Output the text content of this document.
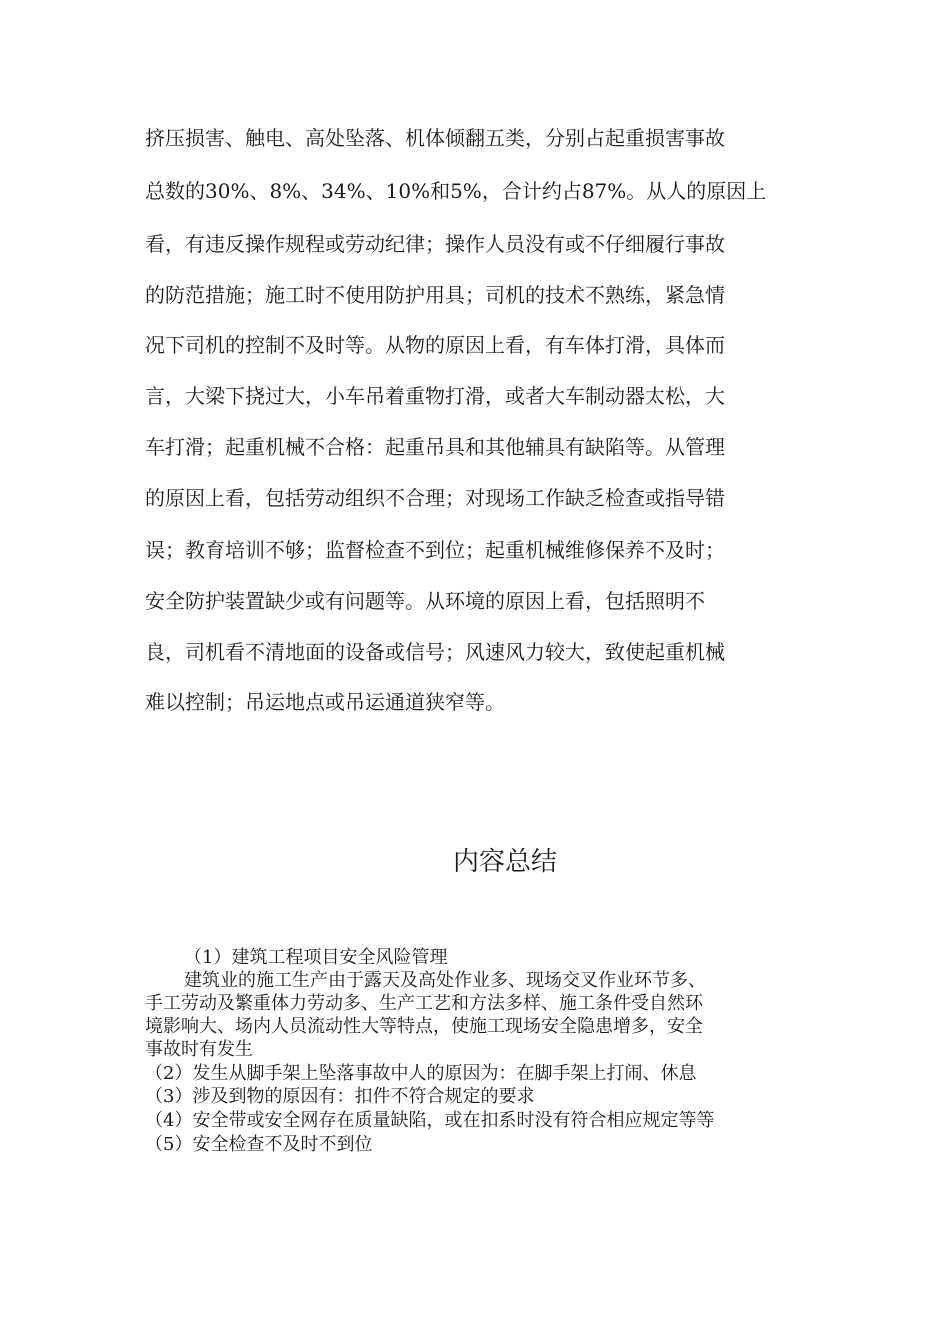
挤压损害、触电、高处坠落、机体倾翻五类，分别占起重损害事故
总数的30%、8%、34%、10%和5%，合计约占87%。从人的原因上
看，有违反操作规程或劳动纪律；操作人员没有或不仔细履行事故
的防范措施；施工时不使用防护用具；司机的技术不熟练，紧急情
况下司机的控制不及时等。从物的原因上看，有车体打滑，具体而
言，大梁下挠过大，小车吊着重物打滑，或者大车制动器太松，大
车打滑；起重机械不合格：起重吊具和其他辅具有缺陷等。从管理
的原因上看，包括劳动组织不合理；对现场工作缺乏检查或指导错
误；教育培训不够；监督检查不到位；起重机械维修保养不及时；
安全防护装置缺少或有问题等。从环境的原因上看，包括照明不
良，司机看不清地面的设备或信号；风速风力较大，致使起重机械
难以控制；吊运地点或吊运通道狭窄等。
内容总结
（1）建筑工程项目安全风险管理
建筑业的施工生产由于露天及高处作业多、现场交叉作业环节多、
手工劳动及繁重体力劳动多、生产工艺和方法多样、施工条件受自然环
境影响大、场内人员流动性大等特点，使施工现场安全隐患增多，安全
事故时有发生
（2）发生从脚手架上坠落事故中人的原因为：在脚手架上打闹、休息
（3）涉及到物的原因有：扣件不符合规定的要求
（4）安全带或安全网存在质量缺陷，或在扣系时没有符合相应规定等等
（5）安全检查不及时不到位
